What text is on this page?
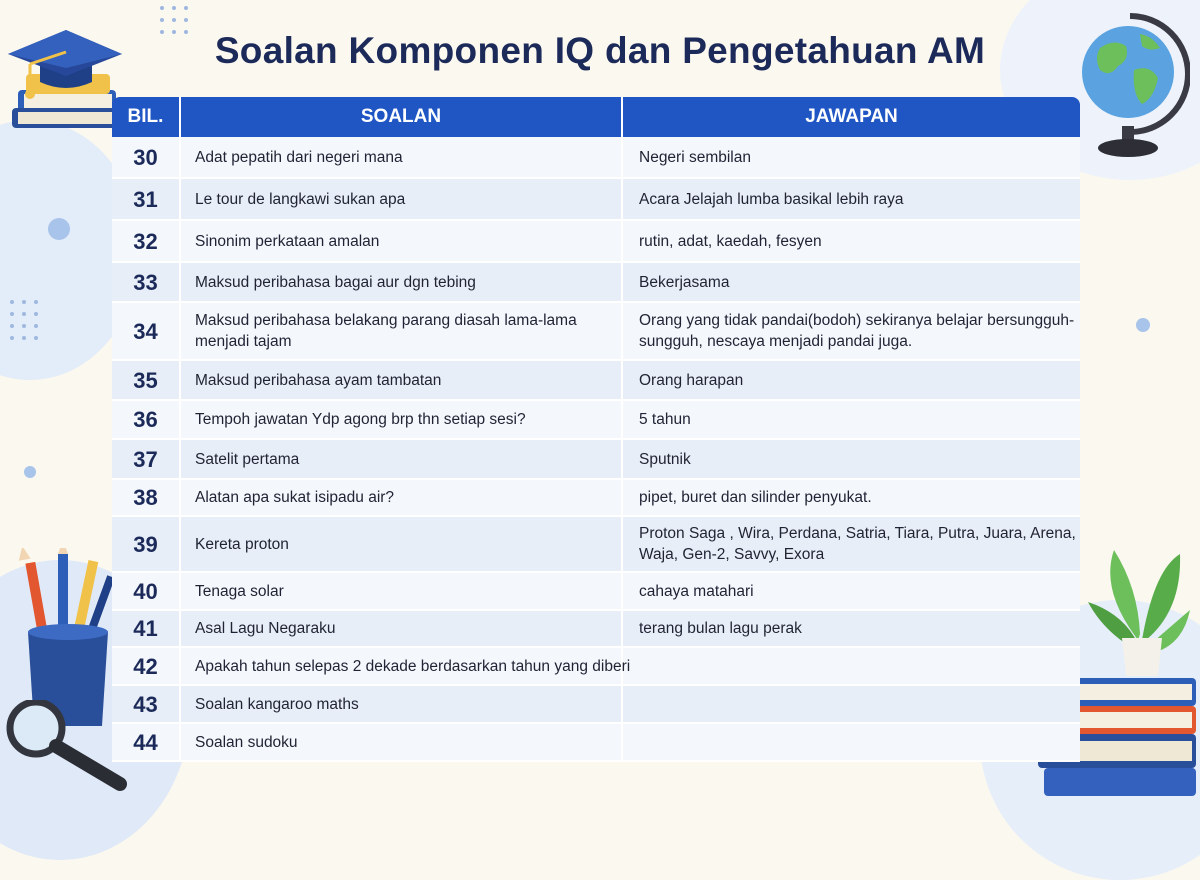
Soalan Komponen IQ dan Pengetahuan AM
BIL.	SOALAN	JAWAPAN
30	Adat pepatih dari negeri mana	Negeri sembilan
31	Le tour de langkawi sukan apa	Acara Jelajah lumba basikal lebih raya
32	Sinonim perkataan amalan	rutin, adat, kaedah, fesyen
33	Maksud peribahasa bagai aur dgn tebing	Bekerjasama
34	Maksud peribahasa belakang parang diasah lama-lama menjadi tajam	Orang yang tidak pandai(bodoh) sekiranya belajar bersungguh-sungguh, nescaya menjadi pandai juga.
35	Maksud peribahasa ayam tambatan	Orang harapan
36	Tempoh jawatan Ydp agong brp thn setiap sesi?	5 tahun
37	Satelit pertama	Sputnik
38	Alatan apa sukat isipadu air?	pipet, buret dan silinder penyukat.
39	Kereta proton	Proton Saga , Wira, Perdana, Satria, Tiara, Putra, Juara, Arena, Waja, Gen-2, Savvy, Exora
40	Tenaga solar	cahaya matahari
41	Asal Lagu Negaraku	terang bulan lagu perak
42	Apakah tahun selepas 2 dekade berdasarkan tahun yang diberi	
43	Soalan kangaroo maths	
44	Soalan sudoku	
